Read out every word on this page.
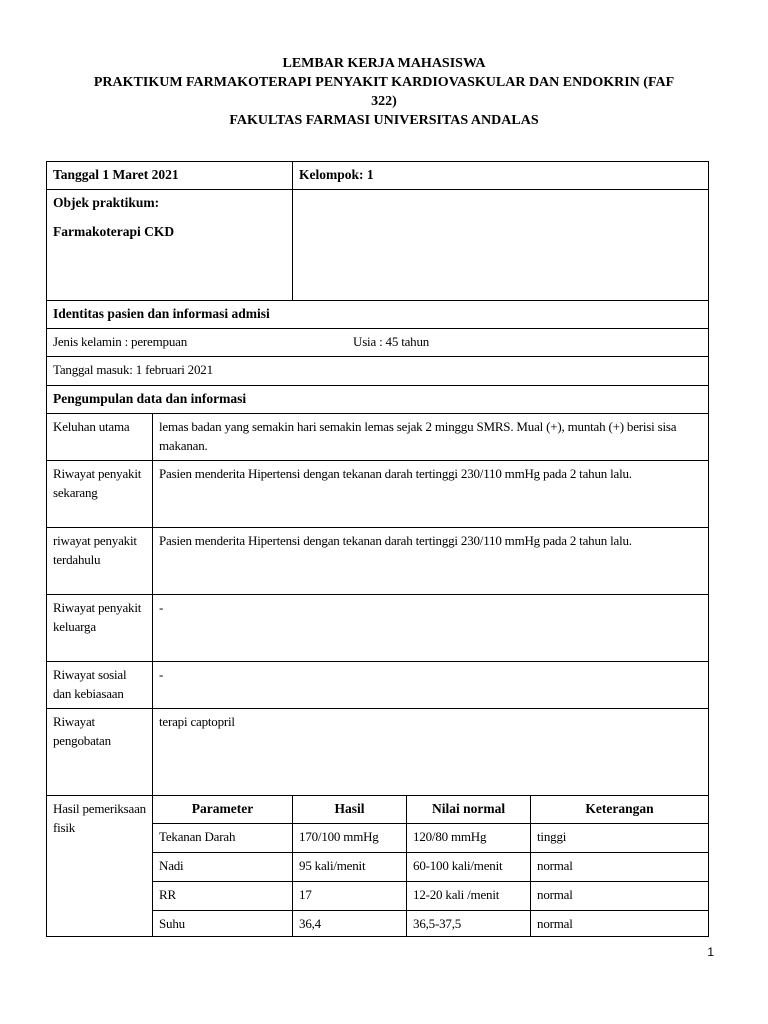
LEMBAR KERJA MAHASISWA
PRAKTIKUM FARMAKOTERAPI PENYAKIT KARDIOVASKULAR DAN ENDOKRIN (FAF
322)
FAKULTAS FARMASI UNIVERSITAS ANDALAS
Tanggal 1 Maret 2021		Kelompok: 1		

Objek praktikum:
Farmakoterapi CKD				

Identitas pasien dan informasi admisi				
Jenis kelamin : perempuan Usia : 45 tahun				
Tanggal masuk: 1 februari 2021				
Pengumpulan data dan informasi				
Keluhan utama	lemas badan yang semakin hari semakin lemas sejak 2 minggu SMRS. Mual (+), muntah (+) berisi sisa makanan.			
Riwayat penyakit sekarang	Pasien menderita Hipertensi dengan tekanan darah tertinggi 230/110 mmHg pada 2 tahun lalu.			
riwayat penyakit terdahulu	Pasien menderita Hipertensi dengan tekanan darah tertinggi 230/110 mmHg pada 2 tahun lalu.			
Riwayat penyakit keluarga	-			
Riwayat sosial dan kebiasaan	-			
Riwayat pengobatan	terapi captopril			
Hasil pemeriksaan fisik	Parameter	Hasil	Nilai normal	Keterangan
	Tekanan Darah	170/100 mmHg	120/80 mmHg	tinggi
	Nadi	95 kali/menit	60-100 kali/menit	normal
	RR	17	12-20 kali /menit	normal
	Suhu	36,4	36,5-37,5	normal
1
